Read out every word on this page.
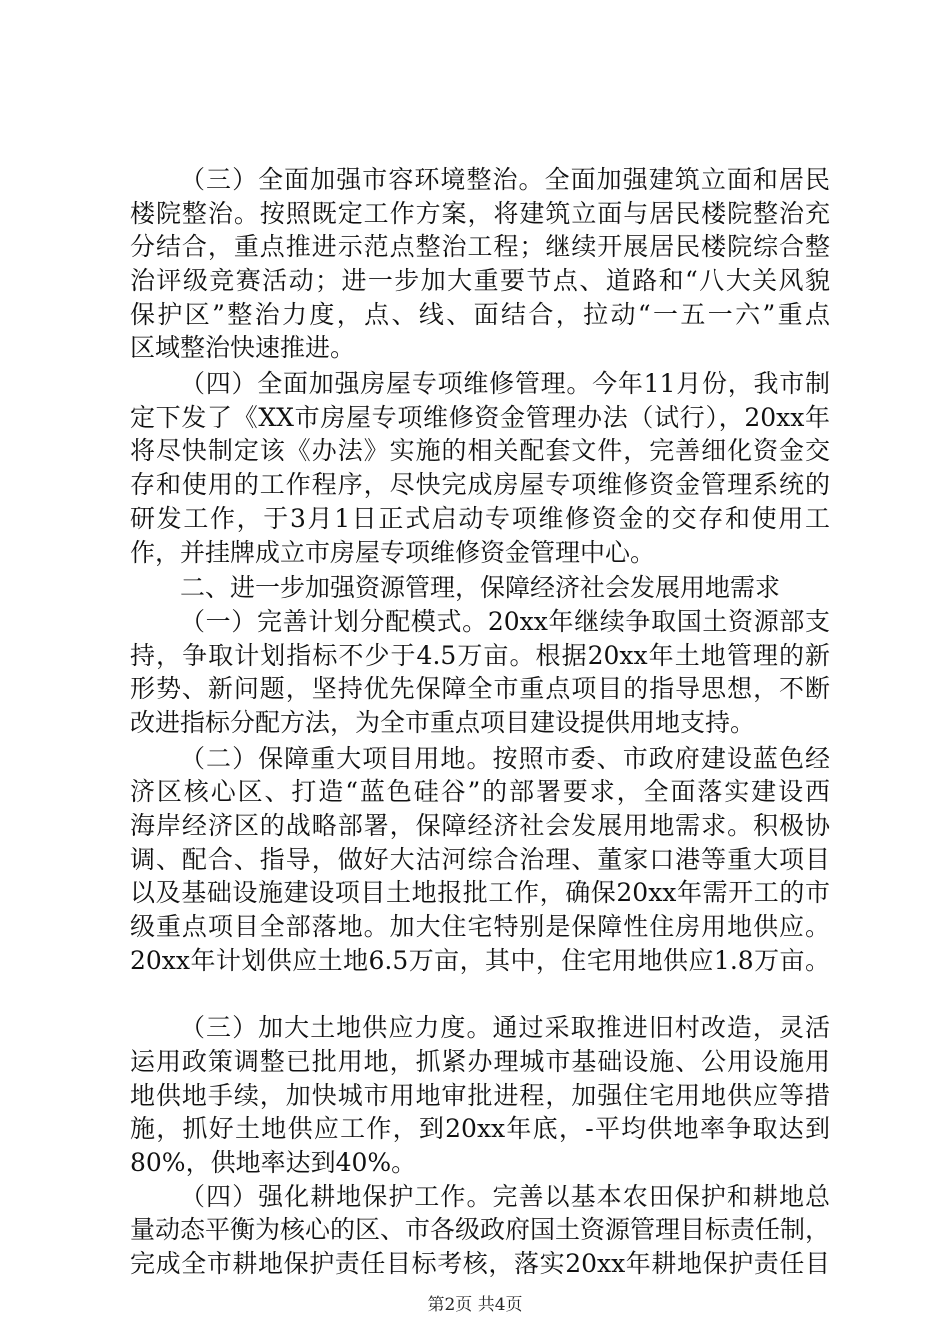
（三）全面加强市容环境整治。全面加强建筑立面和居民
楼院整治。按照既定工作方案，将建筑立面与居民楼院整治充
分结合，重点推进示范点整治工程；继续开展居民楼院综合整
治评级竞赛活动；进一步加大重要节点、道路和“八大关风貌
保护区”整治力度，点、线、面结合，拉动“一五一六”重点
区域整治快速推进。
（四）全面加强房屋专项维修管理。今年11月份，我市制
定下发了《XX市房屋专项维修资金管理办法（试行），20xx年
将尽快制定该《办法》实施的相关配套文件，完善细化资金交
存和使用的工作程序，尽快完成房屋专项维修资金管理系统的
研发工作，于3月1日正式启动专项维修资金的交存和使用工
作，并挂牌成立市房屋专项维修资金管理中心。
二、进一步加强资源管理，保障经济社会发展用地需求
（一）完善计划分配模式。20xx年继续争取国土资源部支
持，争取计划指标不少于4.5万亩。根据20xx年土地管理的新
形势、新问题，坚持优先保障全市重点项目的指导思想，不断
改进指标分配方法，为全市重点项目建设提供用地支持。
（二）保障重大项目用地。按照市委、市政府建设蓝色经
济区核心区、打造“蓝色硅谷”的部署要求，全面落实建设西
海岸经济区的战略部署，保障经济社会发展用地需求。积极协
调、配合、指导，做好大沽河综合治理、董家口港等重大项目
以及基础设施建设项目土地报批工作，确保20xx年需开工的市
级重点项目全部落地。加大住宅特别是保障性住房用地供应。
20xx年计划供应土地6.5万亩，其中，住宅用地供应1.8万亩。
（三）加大土地供应力度。通过采取推进旧村改造，灵活
运用政策调整已批用地，抓紧办理城市基础设施、公用设施用
地供地手续，加快城市用地审批进程，加强住宅用地供应等措
施，抓好土地供应工作，到20xx年底，-平均供地率争取达到
80%，供地率达到40%。
（四）强化耕地保护工作。完善以基本农田保护和耕地总
量动态平衡为核心的区、市各级政府国土资源管理目标责任制，
完成全市耕地保护责任目标考核，落实20xx年耕地保护责任目
第2页 共4页
